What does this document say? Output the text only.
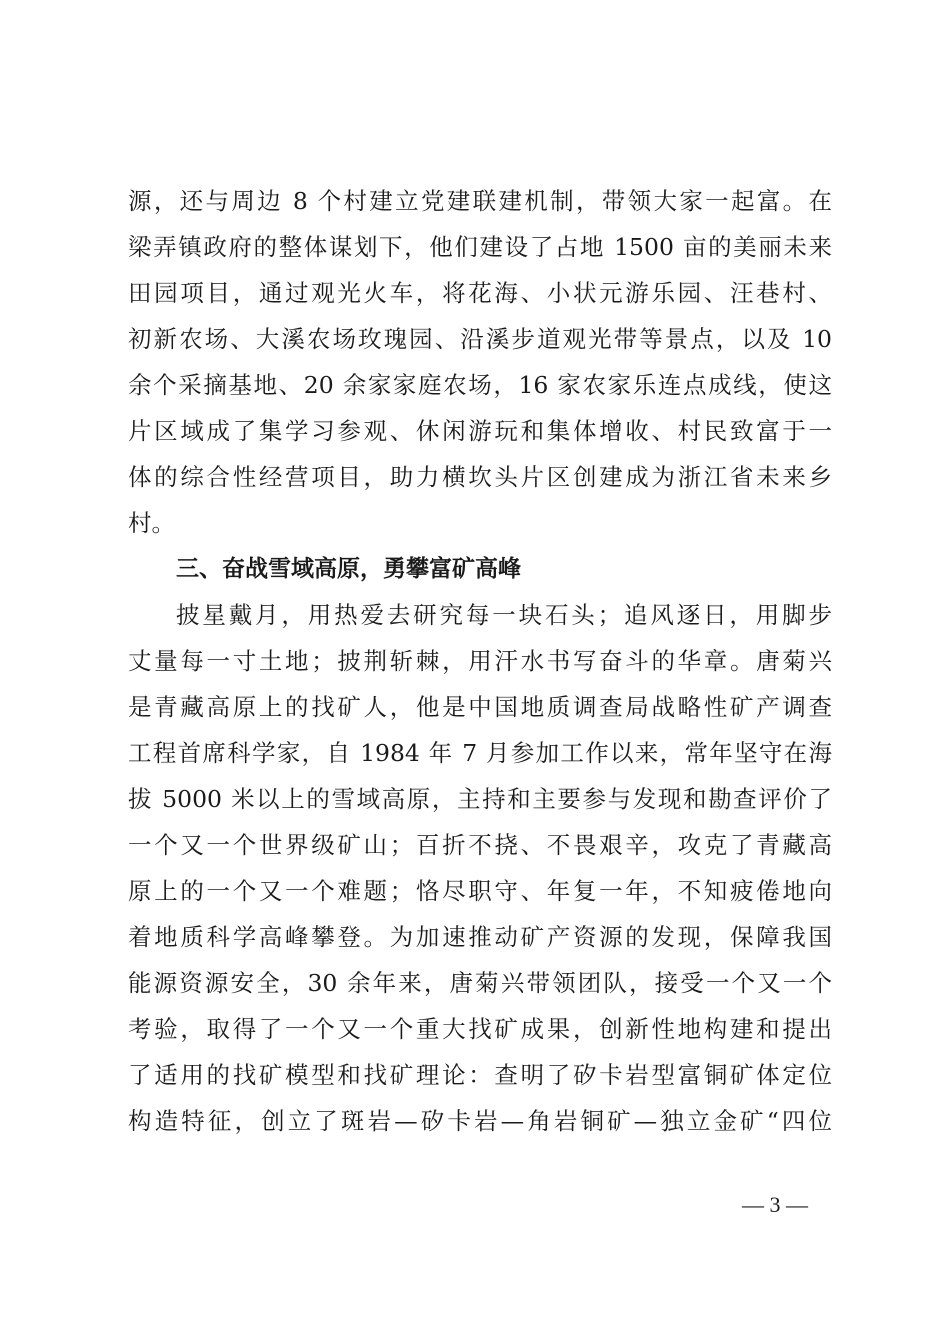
源，还与周边 8 个村建立党建联建机制，带领大家一起富。在
梁弄镇政府的整体谋划下，他们建设了占地 1500 亩的美丽未来
田园项目，通过观光火车，将花海、小状元游乐园、汪巷村、
初新农场、大溪农场玫瑰园、沿溪步道观光带等景点，以及 10
余个采摘基地、20 余家家庭农场，16 家农家乐连点成线，使这
片区域成了集学习参观、休闲游玩和集体增收、村民致富于一
体的综合性经营项目，助力横坎头片区创建成为浙江省未来乡
村。
三、奋战雪域高原，勇攀富矿高峰
披星戴月，用热爱去研究每一块石头；追风逐日，用脚步
丈量每一寸土地；披荆斩棘，用汗水书写奋斗的华章。唐菊兴
是青藏高原上的找矿人，他是中国地质调查局战略性矿产调查
工程首席科学家，自 1984 年 7 月参加工作以来，常年坚守在海
拔 5000 米以上的雪域高原，主持和主要参与发现和勘查评价了
一个又一个世界级矿山；百折不挠、不畏艰辛，攻克了青藏高
原上的一个又一个难题；恪尽职守、年复一年，不知疲倦地向
着地质科学高峰攀登。为加速推动矿产资源的发现，保障我国
能源资源安全，30 余年来，唐菊兴带领团队，接受一个又一个
考验，取得了一个又一个重大找矿成果，创新性地构建和提出
了适用的找矿模型和找矿理论：查明了矽卡岩型富铜矿体定位
构造特征，创立了斑岩—矽卡岩—角岩铜矿—独立金矿“四位
— 3 —
